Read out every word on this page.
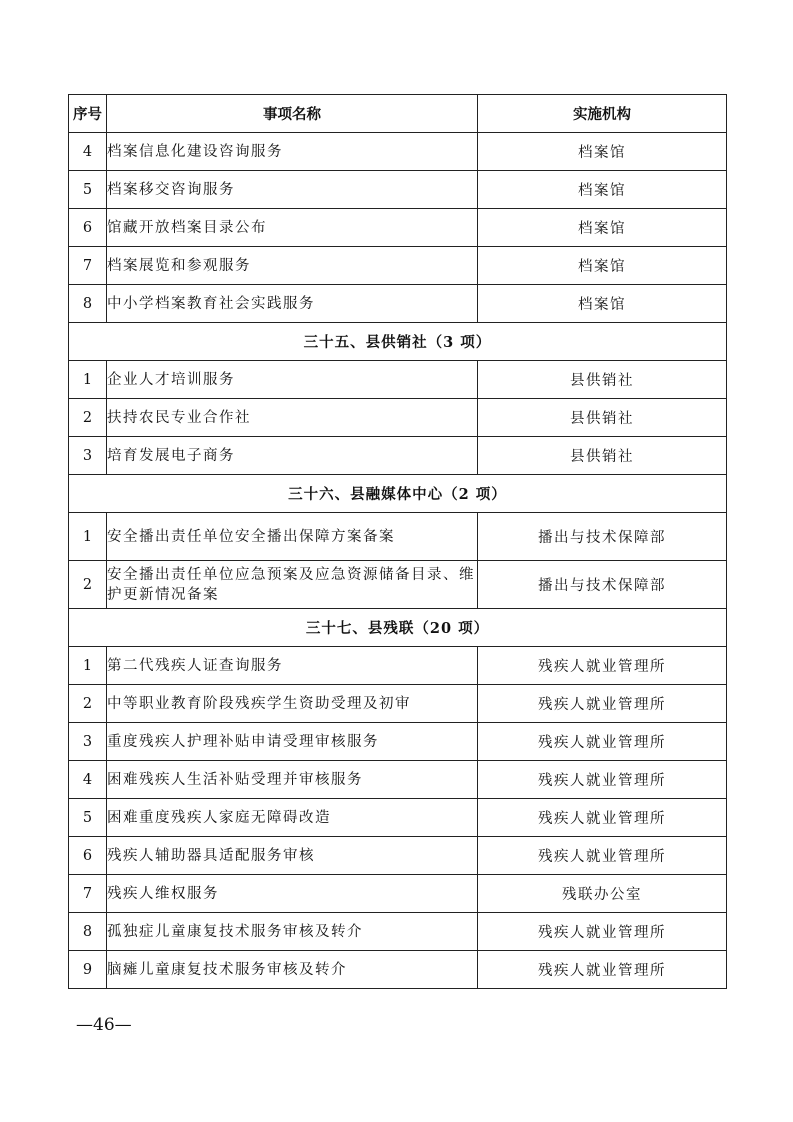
序号	事项名称	实施机构
4	档案信息化建设咨询服务	档案馆
5	档案移交咨询服务	档案馆
6	馆藏开放档案目录公布	档案馆
7	档案展览和参观服务	档案馆
8	中小学档案教育社会实践服务	档案馆
三十五、县供销社（3 项）		
1	企业人才培训服务	县供销社
2	扶持农民专业合作社	县供销社
3	培育发展电子商务	县供销社
三十六、县融媒体中心（2 项）		
1	安全播出责任单位安全播出保障方案备案	播出与技术保障部
2	安全播出责任单位应急预案及应急资源储备目录、维护更新情况备案	播出与技术保障部
三十七、县残联（20 项）		
1	第二代残疾人证查询服务	残疾人就业管理所
2	中等职业教育阶段残疾学生资助受理及初审	残疾人就业管理所
3	重度残疾人护理补贴申请受理审核服务	残疾人就业管理所
4	困难残疾人生活补贴受理并审核服务	残疾人就业管理所
5	困难重度残疾人家庭无障碍改造	残疾人就业管理所
6	残疾人辅助器具适配服务审核	残疾人就业管理所
7	残疾人维权服务	残联办公室
8	孤独症儿童康复技术服务审核及转介	残疾人就业管理所
9	脑瘫儿童康复技术服务审核及转介	残疾人就业管理所
—46—
